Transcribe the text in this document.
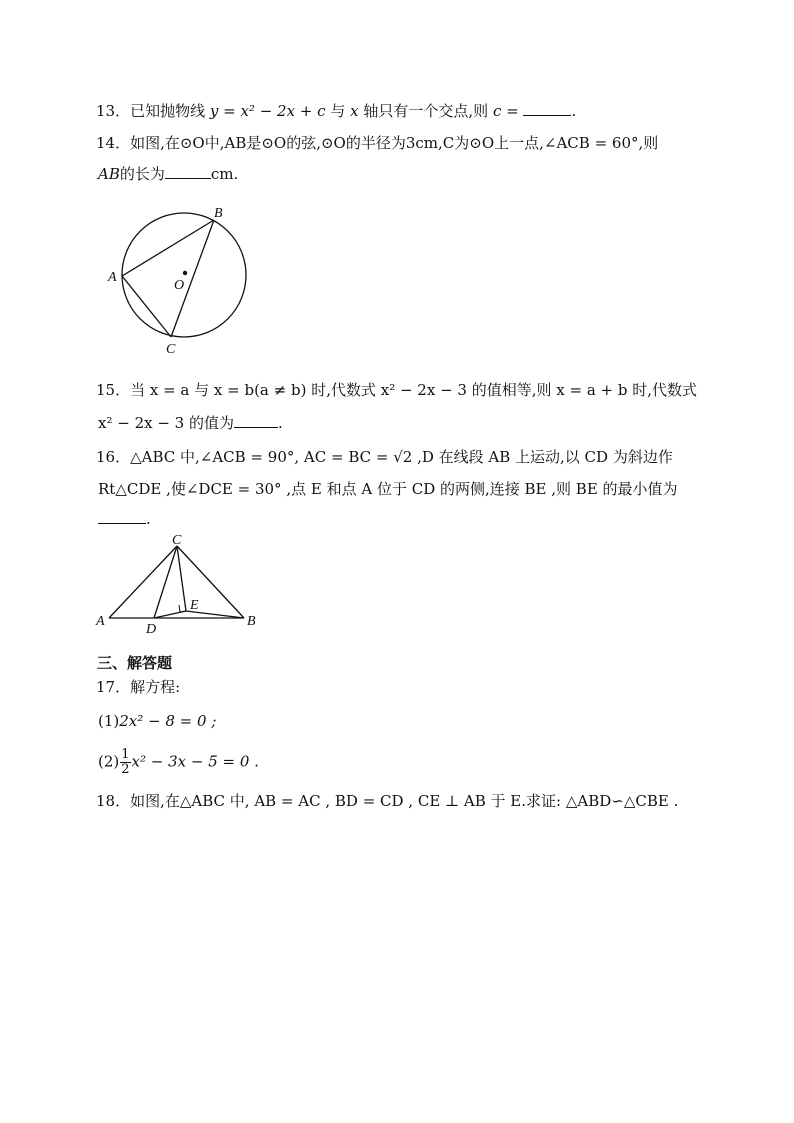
13．已知抛物线 y = x² − 2x + c 与 x 轴只有一个交点,则 c =	.
14．如图,在⊙O中,AB是⊙O的弦,⊙O的半径为3cm,C为⊙O上一点,∠ACB = 60°,则
AB的长为	cm.
A
B
C
O
15．当 x = a 与 x = b(a ≠ b) 时,代数式 x² − 2x − 3 的值相等,则 x = a + b 时,代数式
x² − 2x − 3 的值为	.
16．△ABC 中,∠ACB = 90°, AC = BC = √2 ,D 在线段 AB 上运动,以 CD 为斜边作
Rt△CDE ,使∠DCE = 30° ,点 E 和点 A 位于 CD 的两侧,连接 BE ,则 BE 的最小值为
.
C
A	B
D
E
三、解答题
17．解方程:
(1)2x² − 8 = 0 ;
$(2) \frac{1}{2} x^2 - 3x - 5 = 0$ .
18．如图,在△ABC 中, AB = AC , BD = CD , CE ⊥ AB 于 E.求证: △ABD∽△CBE .
